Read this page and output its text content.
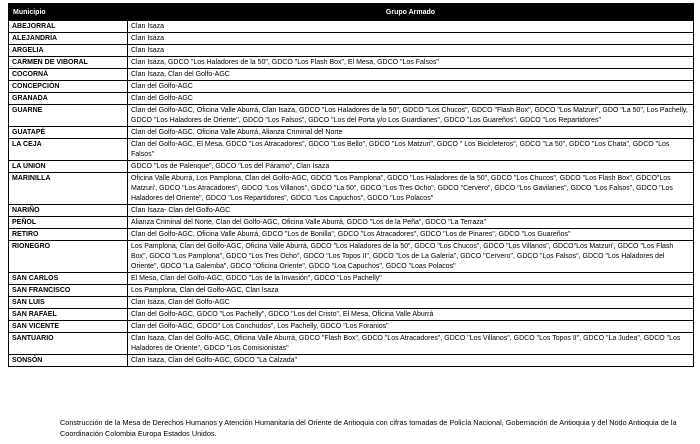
Municipio	Grupo Armado
ABEJORRAL	Clan Isaza
ALEJANDRÍA	Clan Isaza
ARGELIA	Clan Isaza
CARMEN DE VIBORAL	Clan Isaza, GDCO "Los Haladores de la 50", GDCO "Los Flash Box", El Mesa, GDCO "Los Falsos"
COCORNÁ	Clan Isaza, Clan del Golfo-AGC
CONCEPCIÓN	Clan del Golfo-AGC
GRANADA	Clan del Golfo-AGC
GUARNE	Clan del Golfo-AGC, Oficina Valle Aburrá, Clan Isaza, GDCO "Los Haladores de la 50", GDCO "Los Chucos", GDCO "Flash Box", GDCO "Los Matzuri", GDO "La 50", Los Pachelly, GDCO "Los Haladores de Oriente", GDCO "Los Falsos", GDCO "Los del Porta y/o Los Guardianes", GDCO "Los Guareños", GDCO "Los Repartidores"
GUATAPÉ	Clan del Golfo-AGC, Oficina Valle Aburrá, Alianza Criminal del Norte
LA CEJA	Clan del Golfo-AGC, El Mesa, GDCO "Los Atracadores", GDCO "Los Bello", GDCO "Los Matzuri", GDCO " Los Bicicleteros", GDCO "La 50", GDCO "Los Chata", GDCO "Los Falsos"
LA UNION	GDCO "Los de Palenque", GDCO "Los del Páramo", Clan Isaza
MARINILLA	Oficina Valle Aburrá, Los Pamplona, Clan del Golfo-AGC, GDCO "Los Pamplona", GDCO "Los Haladores de la 50", GDCO "Los Chucos", GDCO "Los Flash Box", GDCO"Los Matzuri', GDCO "Los Atracadores", GDCO "Los Villanos", GDCO "La 50", GDCO "Los Tres Ocho", GDCO "Cervero", GDCO "Los Gavilanes", GDCO "Los Falsos", GDCO "Los Haladores del Oriente", GDCO "Los Repartidores", GDCO "Los Capuchos", GDCO "Los Polacos"
NARIÑO	Clan Isaza- Clan del Golfo-AGC
PEÑOL	Alianza Criminal del Norte, Clan del Golfo-AGC, Oficina Valle Aburrá, GDCO "Los de la Peña", GDCO "La Terraza"
RETIRO	Clan del Golfo-AGC, Oficina Valle Aburrá, GDCO "Los de Bonilla", GDCO "Los Atracadores", GDCO "Los de Pinares", GDCO "Los Guareños"
RIONEGRO	Los Pamplona, Clan del Golfo-AGC, Oficina Valle Aburrá, GDCO "Los Haladores de la 50", GDCO "Los Chucos", GDCO "Los Villanos", GDCO"Los Matzuri', GDCO "Los Flash Box", GDCO "Los Pamplona", GDCO "Los Tres Ocho", GDCO "Los Topos II", GDCO "Los de La Galería", GDCO "Cervero", GDCO "Los Falsos", GDCO "Los Haladores del Oriente", GDCO "La Galemba", GDCO "Oficina Oriente", GDCO "Loa Capuchos", GDCO "Loas Polacos"
SAN CARLOS	El Mesa, Clan del Golfo-AGC, GDCO "Los de la Invasión", GDCO "Los Pachelly"
SAN FRANCISCO	Los Pamplona, Clan del Golfo-AGC, Clan Isaza
SAN LUIS	Clan Isaza, Clan del Golfo-AGC
SAN RAFAEL	Clan del Golfo-AGC, GDCO "Los Pachelly", GDCO "Los del Cristo", El Mesa, Oficina Valle Aburrá
SAN VICENTE	Clan del Golfo-AGC, GDCO" Los Conchudos", Los Pachelly, GDCO "Los Foranios"
SANTUARIO	Clan Isaza, Clan del Golfo-AGC, Oficina Valle Aburrá, GDCO "Flash Box", GDCO "Los Atracadores", GDCO "Los Villanos", GDCO "Los Topos II", GDCO "La Judea", GDCO "Los Haladores de Oriente", GDCO "Los Comisionistas"
SONSÓN	Clan Isaza, Clan del Golfo-AGC, GDCO "La Calzada"
Construcción de la Mesa de Derechos Humanos y Atención Humanitaria del Oriente de Antioquia con cifras tomadas de Policía Nacional, Gobernación de Antioquia y del Nodo Antioquia de la Coordinación Colombia Europa Estados Unidos.
